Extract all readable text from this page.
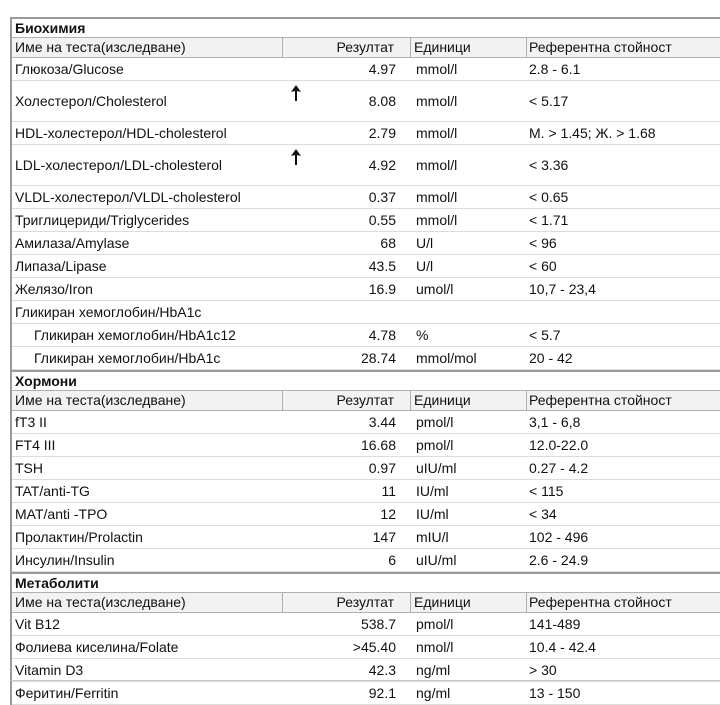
Биохимия
Име на теста(изследване)	Резултат Единици	Референтна стойност
Глюкоза/Glucose	4.97 mmol/l	2.8 - 6.1
Холестерол/Cholesterol	8.08 mmol/l	< 5.17
HDL-холестерол/HDL-cholesterol	2.79 mmol/l	М. > 1.45; Ж. > 1.68
LDL-холестерол/LDL-cholesterol	4.92 mmol/l	< 3.36
VLDL-холестерол/VLDL-cholesterol	0.37 mmol/l	< 0.65
Триглицериди/Triglycerides	0.55 mmol/l	< 1.71
Амилаза/Amylase	68 U/l	< 96
Липаза/Lipase	43.5 U/l	< 60
Желязо/Iron	16.9 umol/l	10,7 - 23,4
Гликиран хемоглобин/HbA1c
Гликиран хемоглобин/HbA1c12	4.78 %	< 5.7
Гликиран хемоглобин/HbA1c	28.74 mmol/mol	20 - 42
Хормони
Име на теста(изследване)	Резултат Единици	Референтна стойност
fT3 II	3.44 pmol/l	3,1 - 6,8
FT4 III	16.68 pmol/l	12.0-22.0
TSH	0.97 uIU/ml	0.27 - 4.2
TAT/anti-TG	11 IU/ml	< 115
MAT/anti -TPO	12 IU/ml	< 34
Пролактин/Prolactin	147 mIU/l	102 - 496
Инсулин/Insulin	6 uIU/ml	2.6 - 24.9
Метаболити
Име на теста(изследване)	Резултат Единици	Референтна стойност
Vit B12	538.7 pmol/l	141-489
Фолиева киселина/Folate	>45.40 nmol/l	10.4 - 42.4
Vitamin D3	42.3 ng/ml	> 30
Феритин/Ferritin	92.1 ng/ml	13 - 150
